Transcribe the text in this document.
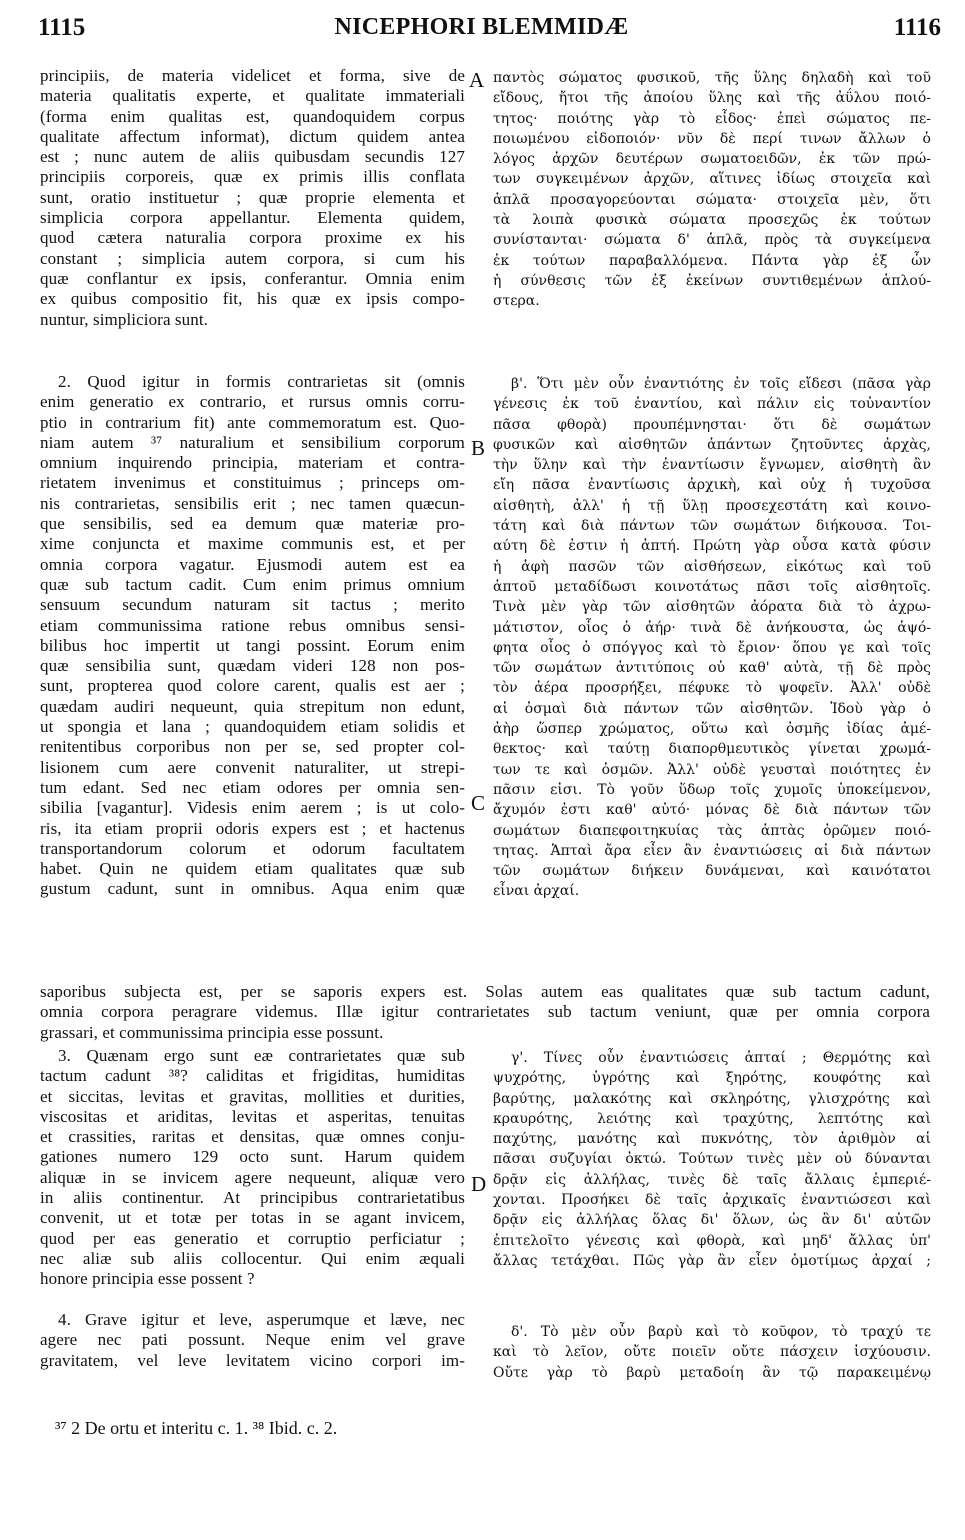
1115	NICEPHORI BLEMMIDÆ	1116
principiis, de materia videlicet et forma, sive de
materia qualitatis experte, et qualitate immateriali
(forma enim qualitas est, quandoquidem corpus
qualitate affectum informat), dictum quidem antea
est ; nunc autem de aliis quibusdam secundis 127
principiis corporeis, quæ ex primis illis conflata
sunt, oratio instituetur ; quæ proprie elementa et
simplicia corpora appellantur. Elementa quidem,
quod cætera naturalia corpora proxime ex his
constant ; simplicia autem corpora, si cum his
quæ conflantur ex ipsis, conferantur. Omnia enim
ex quibus compositio fit, his quæ ex ipsis compo-
nuntur, simpliciora sunt.
A παντὸς σώματος φυσικοῦ, τῆς ὕλης δηλαδὴ καὶ τοῦ
εἴδους, ἤτοι τῆς ἀποίου ὕλης καὶ τῆς ἀΰλου ποιό-
τητος· ποιότης γὰρ τὸ εἶδος· ἐπεὶ σώματος πε-
ποιωμένου εἰδοποιόν· νῦν δὲ περί τινων ἄλλων ὁ
λόγος ἀρχῶν δευτέρων σωματοειδῶν, ἐκ τῶν πρώ-
των συγκειμένων ἀρχῶν, αἵτινες ἰδίως στοιχεῖα καὶ
ἁπλᾶ προσαγορεύονται σώματα· στοιχεῖα μὲν, ὅτι
τὰ λοιπὰ φυσικὰ σώματα προσεχῶς ἐκ τούτων
συνίστανται· σώματα δ' ἁπλᾶ, πρὸς τὰ συγκείμενα
ἐκ τούτων παραβαλλόμενα. Πάντα γὰρ ἐξ ὧν
ἡ σύνθεσις τῶν ἐξ ἐκείνων συντιθεμένων ἁπλού-
στερα.
2. Quod igitur in formis contrarietas sit (omnis
enim generatio ex contrario, et rursus omnis corru-
ptio in contrarium fit) ante commemoratum est. Quo-
niam autem ³⁷ naturalium et sensibilium corporum
omnium inquirendo principia, materiam et contra-
rietatem invenimus et constituimus ; princeps om-
nis contrarietas, sensibilis erit ; nec tamen quæcun-
que sensibilis, sed ea demum quæ materiæ pro-
xime conjuncta et maxime communis est, et per
omnia corpora vagatur. Ejusmodi autem est ea
quæ sub tactum cadit. Cum enim primus omnium
sensuum secundum naturam sit tactus ; merito
etiam communissima ratione rebus omnibus sensi-
bilibus hoc impertit ut tangi possint. Eorum enim
quæ sensibilia sunt, quædam videri 128 non pos-
sunt, propterea quod colore carent, qualis est aer ;
quædam audiri nequeunt, quia strepitum non edunt,
ut spongia et lana ; quandoquidem etiam solidis et
renitentibus corporibus non per se, sed propter col-
lisionem cum aere convenit naturaliter, ut strepi-
tum edant. Sed nec etiam odores per omnia sen-
sibilia [vagantur]. Videsis enim aerem ; is ut colo-
ris, ita etiam proprii odoris expers est ; et hactenus
transportandorum colorum et odorum facultatem
habet. Quin ne quidem etiam qualitates quæ sub
gustum cadunt, sunt in omnibus. Aqua enim quæ
B
C
β'. Ὅτι μὲν οὖν ἐναντιότης ἐν τοῖς εἴδεσι (πᾶσα γὰρ
γένεσις ἐκ τοῦ ἐναντίου, καὶ πάλιν εἰς τοὐναντίον
πᾶσα φθορὰ) προυπέμνησται· ὅτι δὲ σωμάτων
φυσικῶν καὶ αἰσθητῶν ἁπάντων ζητοῦντες ἀρχὰς,
τὴν ὕλην καὶ τὴν ἐναντίωσιν ἔγνωμεν, αἰσθητὴ ἂν
εἴη πᾶσα ἐναντίωσις ἀρχικὴ, καὶ οὐχ ἡ τυχοῦσα
αἰσθητὴ, ἀλλ' ἡ τῇ ὕλῃ προσεχεστάτη καὶ κοινο-
τάτη καὶ διὰ πάντων τῶν σωμάτων διήκουσα. Τοι-
αύτη δὲ ἐστιν ἡ ἁπτή. Πρώτη γὰρ οὖσα κατὰ φύσιν
ἡ ἁφὴ πασῶν τῶν αἰσθήσεων, εἰκότως καὶ τοῦ
ἁπτοῦ μεταδίδωσι κοινοτάτως πᾶσι τοῖς αἰσθητοῖς.
Τινὰ μὲν γὰρ τῶν αἰσθητῶν ἀόρατα διὰ τὸ ἀχρω-
μάτιστον, οἷος ὁ ἀήρ· τινὰ δὲ ἀνήκουστα, ὡς ἀψό-
φητα οἷος ὁ σπόγγος καὶ τὸ ἔριον· ὅπου γε καὶ τοῖς
τῶν σωμάτων ἀντιτύποις οὐ καθ' αὐτὰ, τῇ δὲ πρὸς
τὸν ἀέρα προσρήξει, πέφυκε τὸ ψοφεῖν. Ἀλλ' οὐδὲ
αἱ ὀσμαὶ διὰ πάντων τῶν αἰσθητῶν. Ἰδοὺ γὰρ ὁ
ἀὴρ ὥσπερ χρώματος, οὕτω καὶ ὀσμῆς ἰδίας ἀμέ-
θεκτος· καὶ ταύτῃ διαπορθμευτικὸς γίνεται χρωμά-
των τε καὶ ὀσμῶν. Ἀλλ' οὐδὲ γευσταὶ ποιότητες ἐν
πᾶσιν εἰσι. Τὸ γοῦν ὕδωρ τοῖς χυμοῖς ὑποκείμενον,
ἄχυμόν ἐστι καθ' αὑτό· μόνας δὲ διὰ πάντων τῶν
σωμάτων διαπεφοιτηκυίας τὰς ἁπτὰς ὁρῶμεν ποιό-
τητας. Ἁπταὶ ἄρα εἶεν ἂν ἐναντιώσεις αἱ διὰ πάντων
τῶν σωμάτων διήκειν δυνάμεναι, καὶ καινότατοι
εἶναι ἀρχαί.
saporibus subjecta est, per se saporis expers est. Solas autem eas qualitates quæ sub tactum cadunt,
omnia corpora peragrare videmus. Illæ igitur contrarietates sub tactum veniunt, quæ per omnia corpora
grassari, et communissima principia esse possunt.
3. Quænam ergo sunt eæ contrarietates quæ sub
tactum cadunt ³⁸? caliditas et frigiditas, humiditas
et siccitas, levitas et gravitas, mollities et durities,
viscositas et ariditas, levitas et asperitas, tenuitas
et crassities, raritas et densitas, quæ omnes conju-
gationes numero 129 octo sunt. Harum quidem
aliquæ in se invicem agere nequeunt, aliquæ vero
in aliis continentur. At principibus contrarietatibus
convenit, ut et totæ per totas in se agant invicem,
quod per eas generatio et corruptio perficiatur ;
nec aliæ sub aliis collocentur. Qui enim æquali
honore principia esse possent ?
D
γ'. Τίνες οὖν ἐναντιώσεις ἁπταί ; Θερμότης καὶ
ψυχρότης, ὑγρότης καὶ ξηρότης, κουφότης καὶ
βαρύτης, μαλακότης καὶ σκληρότης, γλισχρότης καὶ
κραυρότης, λειότης καὶ τραχύτης, λεπτότης καὶ
παχύτης, μανότης καὶ πυκνότης, τὸν ἀριθμὸν αἱ
πᾶσαι συζυγίαι ὀκτώ. Τούτων τινὲς μὲν οὐ δύνανται
δρᾷν εἰς ἀλλήλας, τινὲς δὲ ταῖς ἄλλαις ἐμπεριέ-
χονται. Προσήκει δὲ ταῖς ἀρχικαῖς ἐναντιώσεσι καὶ
δρᾷν εἰς ἀλλήλας ὅλας δι' ὅλων, ὡς ἂν δι' αὐτῶν
ἐπιτελοῖτο γένεσις καὶ φθορὰ, καὶ μηδ' ἄλλας ὑπ'
ἄλλας τετάχθαι. Πῶς γὰρ ἂν εἶεν ὁμοτίμως ἀρχαί ;
4. Grave igitur et leve, asperumque et læve, nec
agere nec pati possunt. Neque enim vel grave
gravitatem, vel leve levitatem vicino corpori im-
δ'. Τὸ μὲν οὖν βαρὺ καὶ τὸ κοῦφον, τὸ τραχύ τε
καὶ τὸ λεῖον, οὔτε ποιεῖν οὔτε πάσχειν ἰσχύουσιν.
Οὔτε γὰρ τὸ βαρὺ μεταδοίη ἂν τῷ παρακειμένῳ
³⁷ 2 De ortu et interitu c. 1. ³⁸ Ibid. c. 2.
